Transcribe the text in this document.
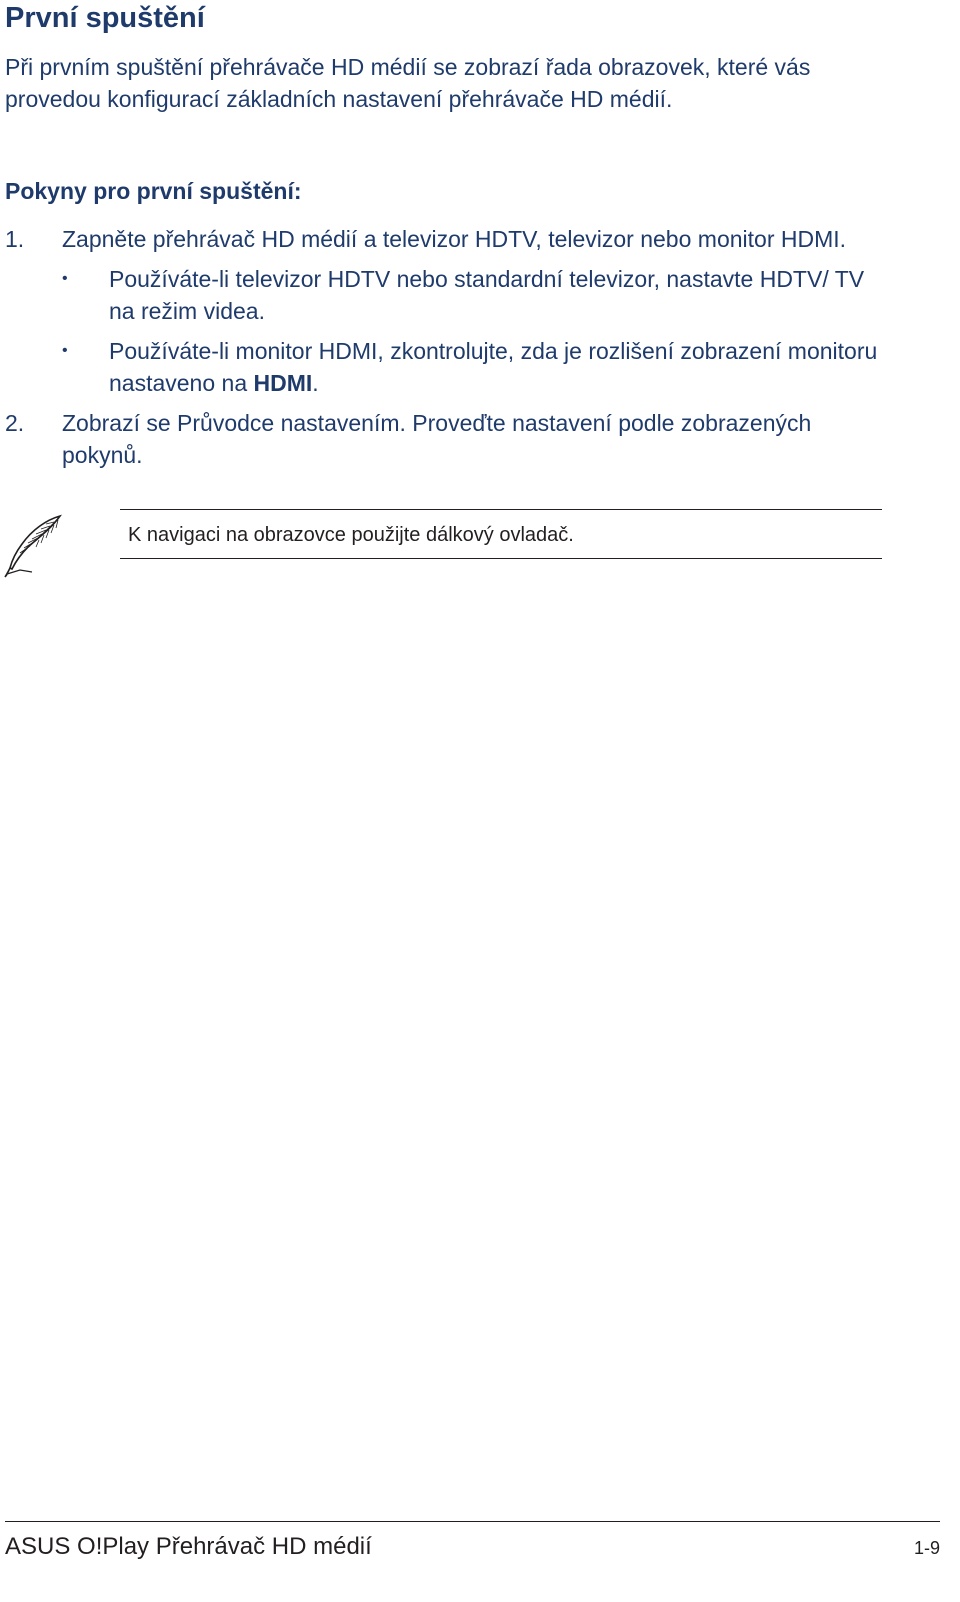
První spuštění
Při prvním spuštění přehrávače HD médií se zobrazí řada obrazovek, které vás provedou konfigurací základních nastavení přehrávače HD médií.
Pokyny pro první spuštění:
1. Zapněte přehrávač HD médií a televizor HDTV, televizor nebo monitor HDMI.
• Používáte-li televizor HDTV nebo standardní televizor, nastavte HDTV/ TV na režim videa.
• Používáte-li monitor HDMI, zkontrolujte, zda je rozlišení zobrazení monitoru nastaveno na HDMI.
2. Zobrazí se Průvodce nastavením. Proveďte nastavení podle zobrazených pokynů.
K navigaci na obrazovce použijte dálkový ovladač.
ASUS O!Play Přehrávač HD médií	1-9
